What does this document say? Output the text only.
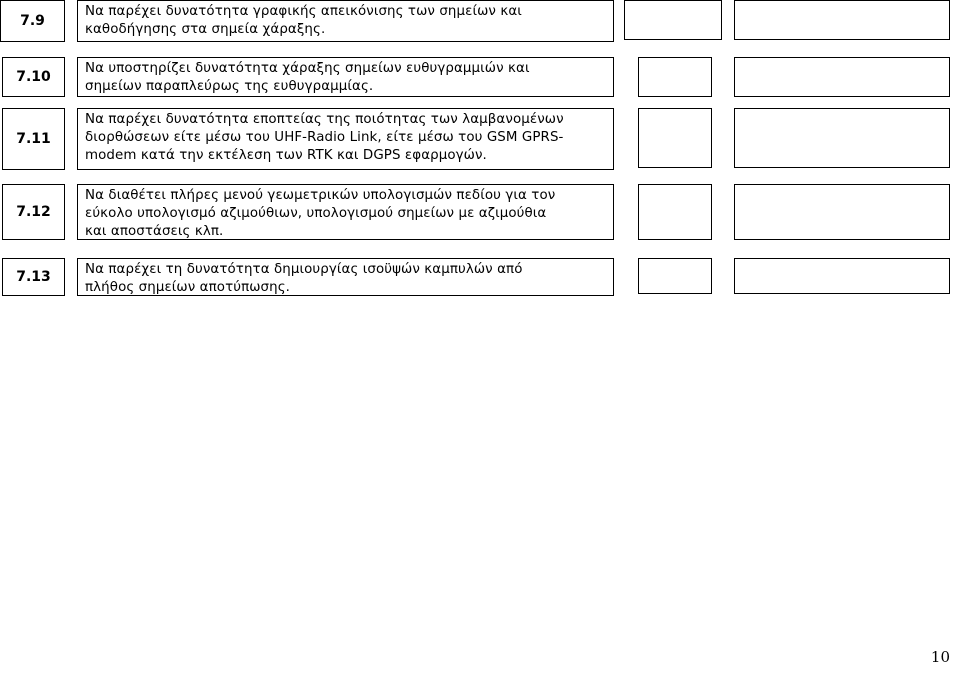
7.9
Να παρέχει δυνατότητα γραφικής απεικόνισης των σημείων και
καθοδήγησης στα σημεία χάραξης.
7.10
Να υποστηρίζει δυνατότητα χάραξης σημείων ευθυγραμμιών και
σημείων παραπλεύρως της ευθυγραμμίας.
7.11
Να παρέχει δυνατότητα εποπτείας της ποιότητας των λαμβανομένων
διορθώσεων είτε μέσω του UHF-Radio Link, είτε μέσω του GSM GPRS-
modem κατά την εκτέλεση των RTK και DGPS εφαρμογών.
7.12
Να διαθέτει πλήρες μενού γεωμετρικών υπολογισμών πεδίου για τον
εύκολο υπολογισμό αζιμούθιων, υπολογισμού σημείων με αζιμούθια
και αποστάσεις κλπ.
7.13	Να παρέχει τη δυνατότητα δημιουργίας ισοϋψών καμπυλών από
πλήθος σημείων αποτύπωσης.
10
